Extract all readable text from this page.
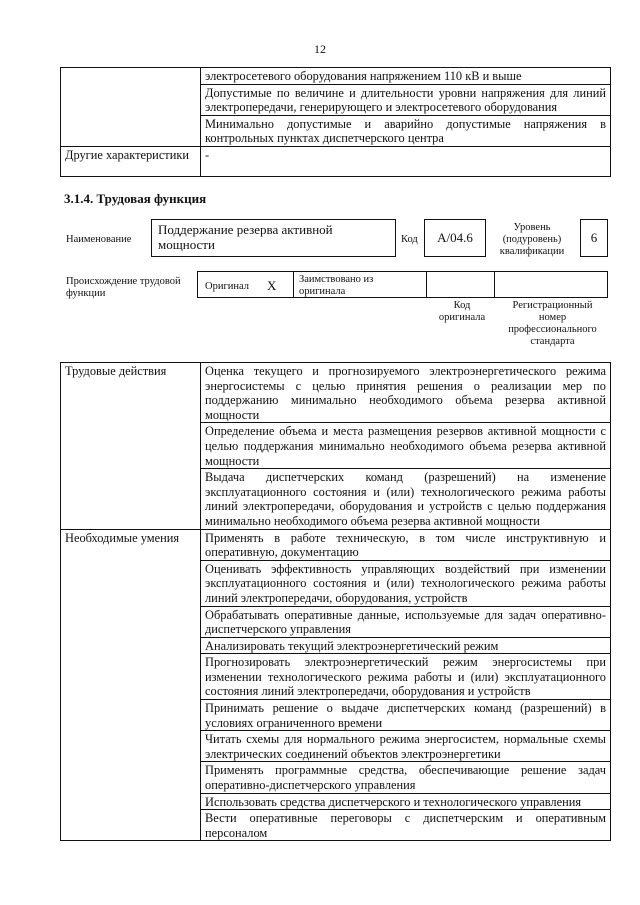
12
	электросетевого оборудования напряжением 110 кВ и выше
	Допустимые по величине и длительности уровни напряжения для линий электропередачи, генерирующего и электросетевого оборудования
	Минимально допустимые и аварийно допустимые напряжения в контрольных пунктах диспетчерского центра
Другие характеристики	-
3.1.4. Трудовая функция
Наименование
Поддержание резерва активной мощности	Код	A/04.6
Уровень (подуровень) квалификации
6
Происхождение трудовой функции
Оригинал X Заимствовано из оригинала
Код оригинала
Регистрационный номер профессионального стандарта
Трудовые действия	Оценка текущего и прогнозируемого электроэнергетического режима энергосистемы с целью принятия решения о реализации мер по поддержанию минимально необходимого объема резерва активной мощности
	Определение объема и места размещения резервов активной мощности с целью поддержания минимально необходимого объема резерва активной мощности
	Выдача диспетчерских команд (разрешений) на изменение эксплуатационного состояния и (или) технологического режима работы линий электропередачи, оборудования и устройств с целью поддержания минимально необходимого объема резерва активной мощности
Необходимые умения	Применять в работе техническую, в том числе инструктивную и оперативную, документацию
	Оценивать эффективность управляющих воздействий при изменении эксплуатационного состояния и (или) технологического режима работы линий электропередачи, оборудования, устройств
	Обрабатывать оперативные данные, используемые для задач оперативно-диспетчерского управления
	Анализировать текущий электроэнергетический режим
	Прогнозировать электроэнергетический режим энергосистемы при изменении технологического режима работы и (или) эксплуатационного состояния линий электропередачи, оборудования и устройств
	Принимать решение о выдаче диспетчерских команд (разрешений) в условиях ограниченного времени
	Читать схемы для нормального режима энергосистем, нормальные схемы электрических соединений объектов электроэнергетики
	Применять программные средства, обеспечивающие решение задач оперативно-диспетчерского управления
	Использовать средства диспетчерского и технологического управления
	Вести оперативные переговоры с диспетчерским и оперативным персоналом
